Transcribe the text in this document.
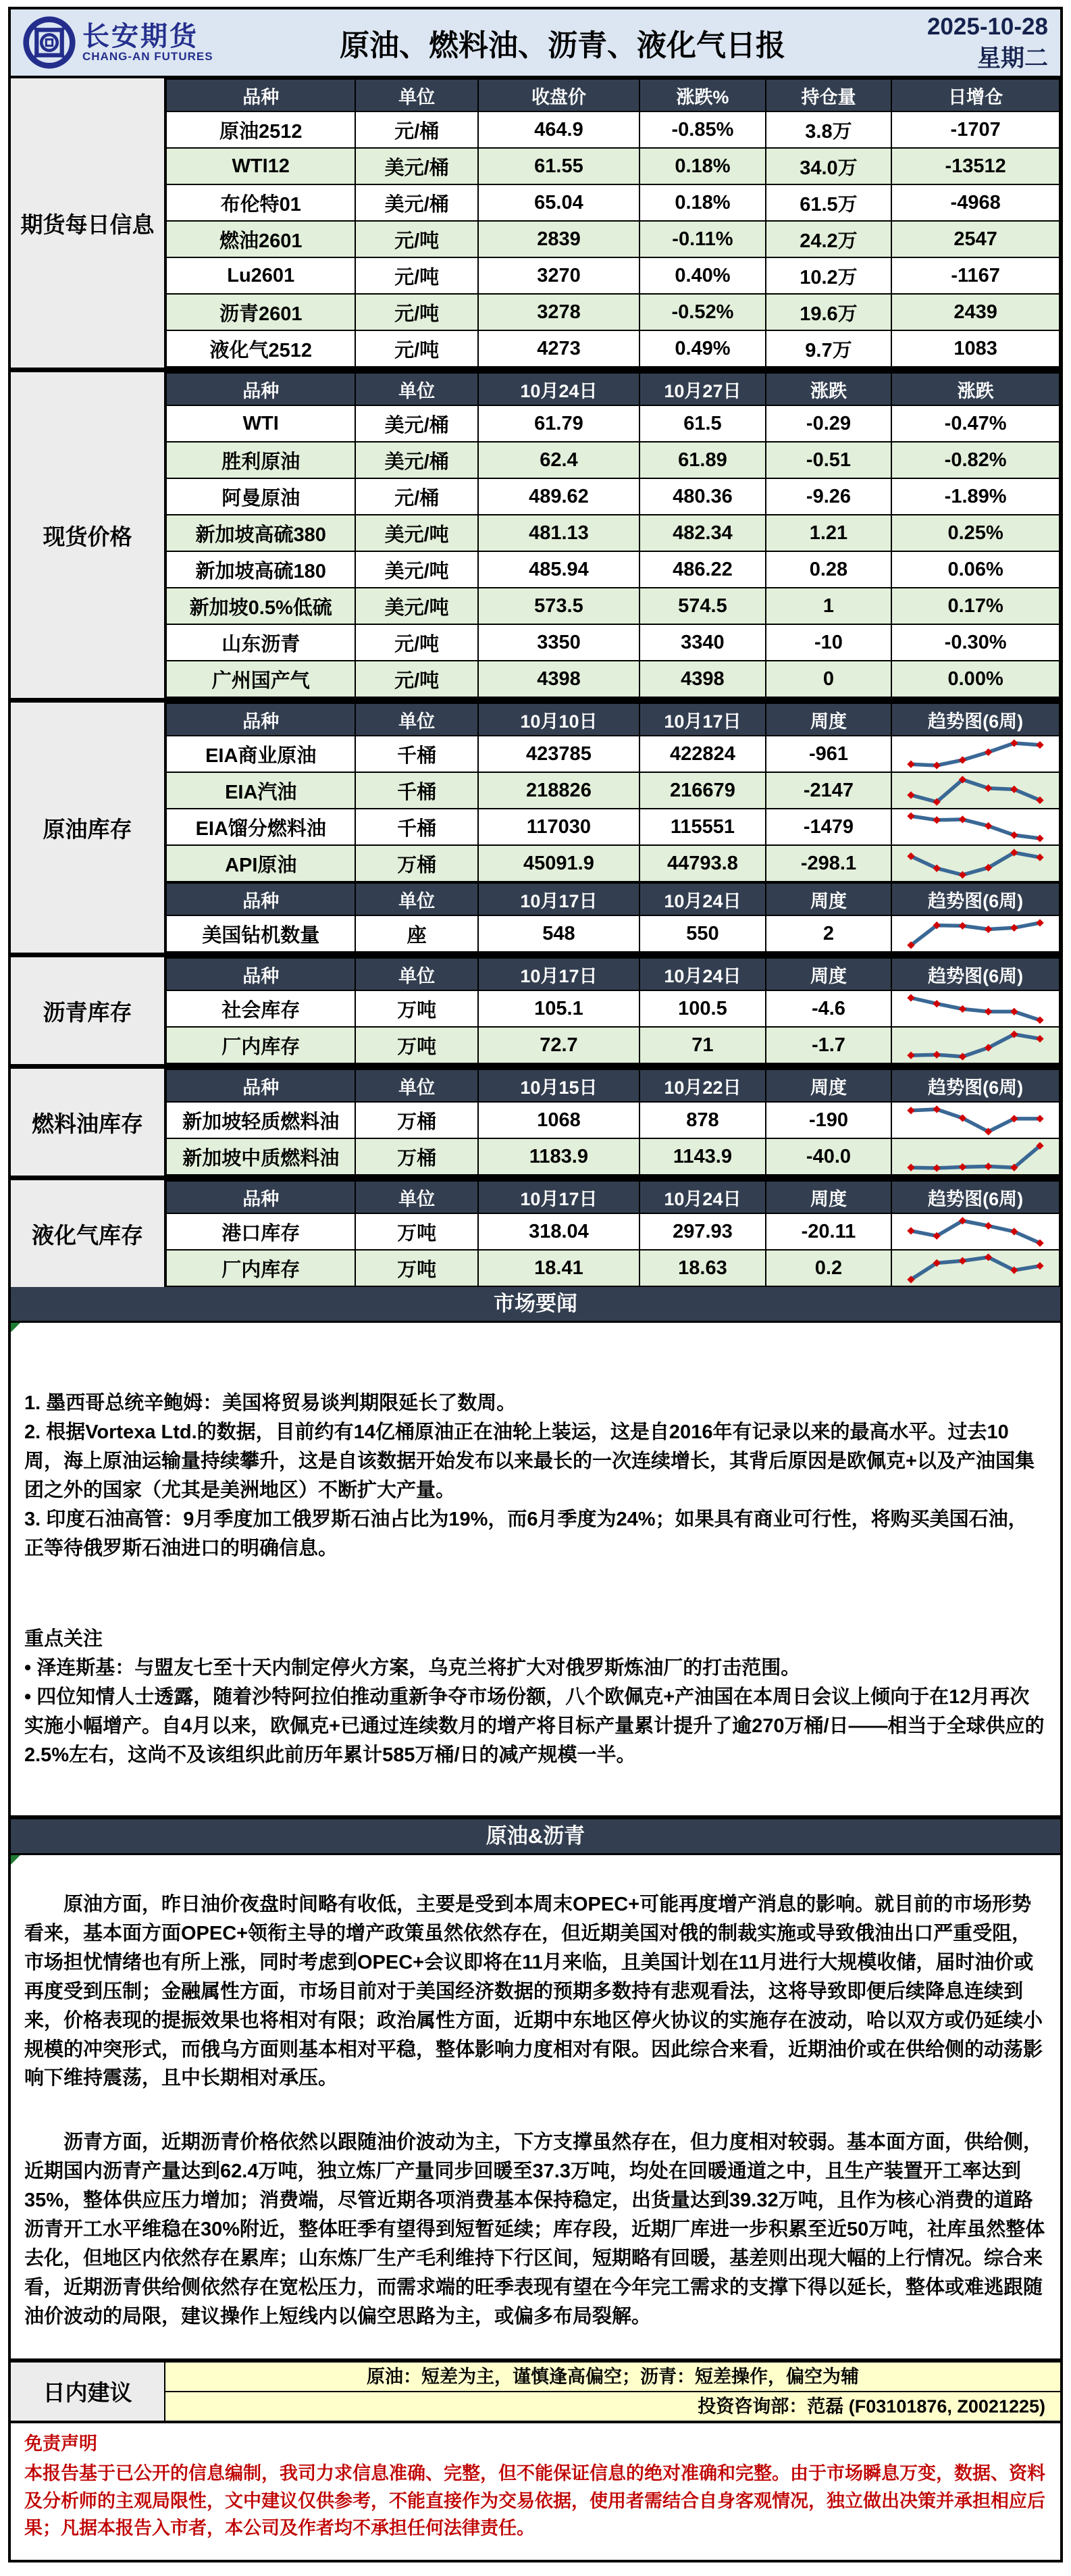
长安期货
CHANG-AN FUTURES	原油、燃料油、沥青、液化气日报
2025-10-28
星期二
期货每日信息
品种	单位	收盘价	涨跌%	持仓量	日增仓
原油2512	元/桶	464.9	-0.85%	3.8万	-1707
WTI12	美元/桶	61.55	0.18%	34.0万	-13512
布伦特01	美元/桶	65.04	0.18%	61.5万	-4968
燃油2601	元/吨	2839	-0.11%	24.2万	2547
Lu2601	元/吨	3270	0.40%	10.2万	-1167
沥青2601	元/吨	3278	-0.52%	19.6万	2439
液化气2512	元/吨	4273	0.49%	9.7万	1083
现货价格
品种	单位	10月24日	10月27日	涨跌	涨跌
WTI	美元/桶	61.79	61.5	-0.29	-0.47%
胜利原油	美元/桶	62.4	61.89	-0.51	-0.82%
阿曼原油	元/桶	489.62	480.36	-9.26	-1.89%
新加坡高硫380	美元/吨	481.13	482.34	1.21	0.25%
新加坡高硫180	美元/吨	485.94	486.22	0.28	0.06%
新加坡0.5%低硫	美元/吨	573.5	574.5	1	0.17%
山东沥青	元/吨	3350	3340	-10	-0.30%
广州国产气	元/吨	4398	4398	0	0.00%
原油库存
品种	单位	10月10日	10月17日	周度	趋势图(6周)
EIA商业原油	千桶	423785	422824	-961	

EIA汽油	千桶	218826	216679	-2147	

EIA馏分燃料油	千桶	117030	115551	-1479	

API原油	万桶	45091.9	44793.8	-298.1	
品种	单位	10月17日	10月24日	周度	趋势图(6周)
美国钻机数量	座	548	550	2	
沥青库存
品种	单位	10月17日	10月24日	周度	趋势图(6周)
社会库存	万吨	105.1	100.5	-4.6	

厂内库存	万吨	72.7	71	-1.7	
燃料油库存
品种	单位	10月15日	10月22日	周度	趋势图(6周)
新加坡轻质燃料油	万桶	1068	878	-190	

新加坡中质燃料油	万桶	1183.9	1143.9	-40.0	
液化气库存
品种	单位	10月17日	10月24日	周度	趋势图(6周)
港口库存	万吨	318.04	297.93	-20.11	

厂内库存	万吨	18.41	18.63	0.2	
市场要闻

1. 墨西哥总统辛鲍姆：美国将贸易谈判期限延长了数周。

2. 根据Vortexa Ltd.的数据，目前约有14亿桶原油正在油轮上装运，这是自2016年有记录以来的最高水平。过去10周，海上原油运输量持续攀升，这是自该数据开始发布以来最长的一次连续增长，其背后原因是欧佩克+以及产油国集团之外的国家（尤其是美洲地区）不断扩大产量。

3. 印度石油高管：9月季度加工俄罗斯石油占比为19%，而6月季度为24%；如果具有商业可行性，将购买美国石油，正等待俄罗斯石油进口的明确信息。

重点关注

• 泽连斯基：与盟友七至十天内制定停火方案，乌克兰将扩大对俄罗斯炼油厂的打击范围。

• 四位知情人士透露，随着沙特阿拉伯推动重新争夺市场份额，八个欧佩克+产油国在本周日会议上倾向于在12月再次实施小幅增产。自4月以来，欧佩克+已通过连续数月的增产将目标产量累计提升了逾270万桶/日——相当于全球供应的2.5%左右，这尚不及该组织此前历年累计585万桶/日的减产规模一半。

原油&沥青

原油方面，昨日油价夜盘时间略有收低，主要是受到本周末OPEC+可能再度增产消息的影响。就目前的市场形势看来，基本面方面OPEC+领衔主导的增产政策虽然依然存在，但近期美国对俄的制裁实施或导致俄油出口严重受阻，市场担忧情绪也有所上涨，同时考虑到OPEC+会议即将在11月来临，且美国计划在11月进行大规模收储，届时油价或再度受到压制；金融属性方面，市场目前对于美国经济数据的预期多数持有悲观看法，这将导致即便后续降息连续到来，价格表现的提振效果也将相对有限；政治属性方面，近期中东地区停火协议的实施存在波动，哈以双方或仍延续小规模的冲突形式，而俄乌方面则基本相对平稳，整体影响力度相对有限。因此综合来看，近期油价或在供给侧的动荡影响下维持震荡，且中长期相对承压。

沥青方面，近期沥青价格依然以跟随油价波动为主，下方支撑虽然存在，但力度相对较弱。基本面方面，供给侧，近期国内沥青产量达到62.4万吨，独立炼厂产量同步回暖至37.3万吨，均处在回暖通道之中，且生产装置开工率达到35%，整体供应压力增加；消费端，尽管近期各项消费基本保持稳定，出货量达到39.32万吨，且作为核心消费的道路沥青开工水平维稳在30%附近，整体旺季有望得到短暂延续；库存段，近期厂库进一步积累至近50万吨，社库虽然整体去化，但地区内依然存在累库；山东炼厂生产毛利维持下行区间，短期略有回暖，基差则出现大幅的上行情况。综合来看，近期沥青供给侧依然存在宽松压力，而需求端的旺季表现有望在今年完工需求的支撑下得以延长，整体或难逃跟随油价波动的局限，建议操作上短线内以偏空思路为主，或偏多布局裂解。

日内建议
原油：短差为主，谨慎逢高偏空；沥青：短差操作，偏空为辅
投资咨询部：范磊 (F03101876, Z0021225)

免责声明

本报告基于已公开的信息编制，我司力求信息准确、完整，但不能保证信息的绝对准确和完整。由于市场瞬息万变，数据、资料及分析师的主观局限性，文中建议仅供参考，不能直接作为交易依据，使用者需结合自身客观情况，独立做出决策并承担相应后果；凡据本报告入市者，本公司及作者均不承担任何法律责任。
